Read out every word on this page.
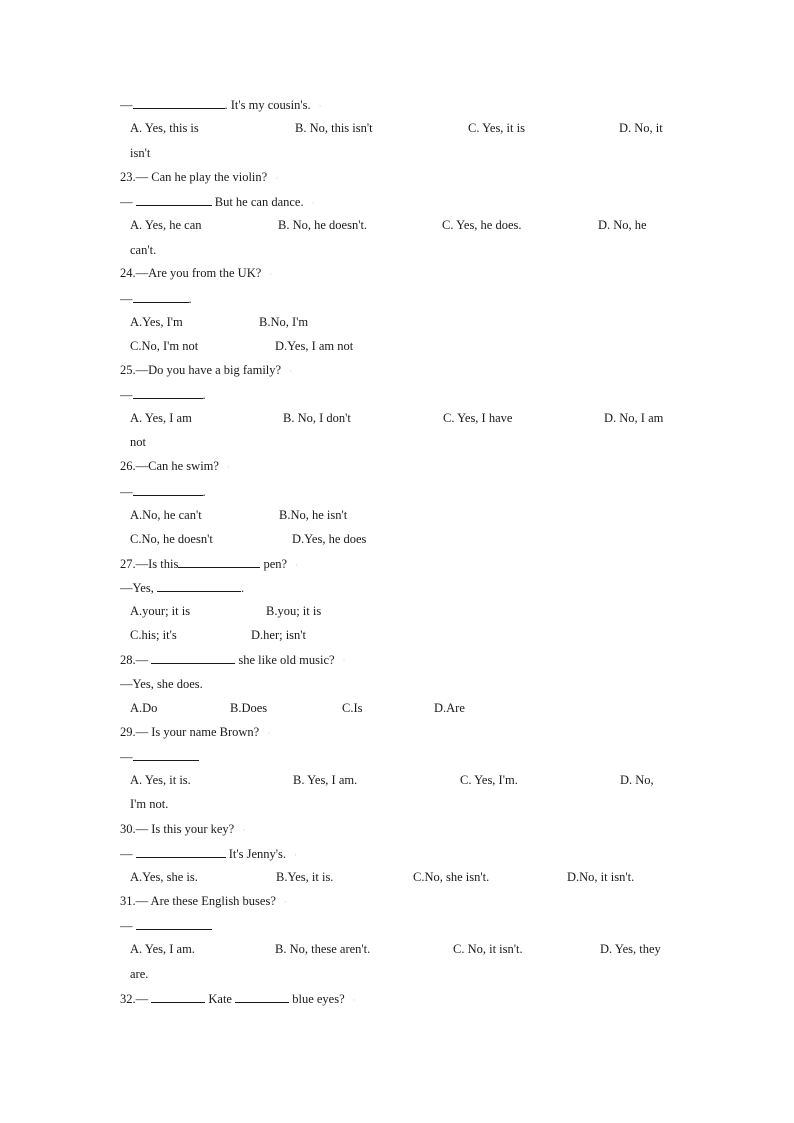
—	. It's my cousin's. ·
A. Yes, this is	B. No, this isn't	C. Yes, it is	D. No, it
isn't
23.— Can he play the violin? ·
—	But he can dance. ·
A. Yes, he can	B. No, he doesn't.	C. Yes, he does.	D. No, he
can't.
24.—Are you from the UK? ·
—	.
A.Yes, I'm	B.No, I'm
C.No, I'm not	D.Yes, I am not
25.—Do you have a big family? ·
—	.
A. Yes, I am	B. No, I don't	C. Yes, I have	D. No, I am
not
26.—Can he swim? ·
—	.
A.No, he can't	B.No, he isn't
C.No, he doesn't	D.Yes, he does
27.—Is this	pen? ·
—Yes,	.
A.your; it is	B.you; it is
C.his; it's	D.her; isn't
28.—	she like old music? ·
—Yes, she does.
A.Do	B.Does	C.Is	D.Are
29.— Is your name Brown? ·
—
A. Yes, it is.	B. Yes, I am.	C. Yes, I'm.	D. No,
I'm not.
30.— Is this your key? ·
—	It's Jenny's. ·
A.Yes, she is.	B.Yes, it is.	C.No, she isn't.	D.No, it isn't.
31.— Are these English buses? ·
—
A. Yes, I am.	B. No, these aren't.	C. No, it isn't.	D. Yes, they
are.
32.—	Kate	blue eyes? ·
